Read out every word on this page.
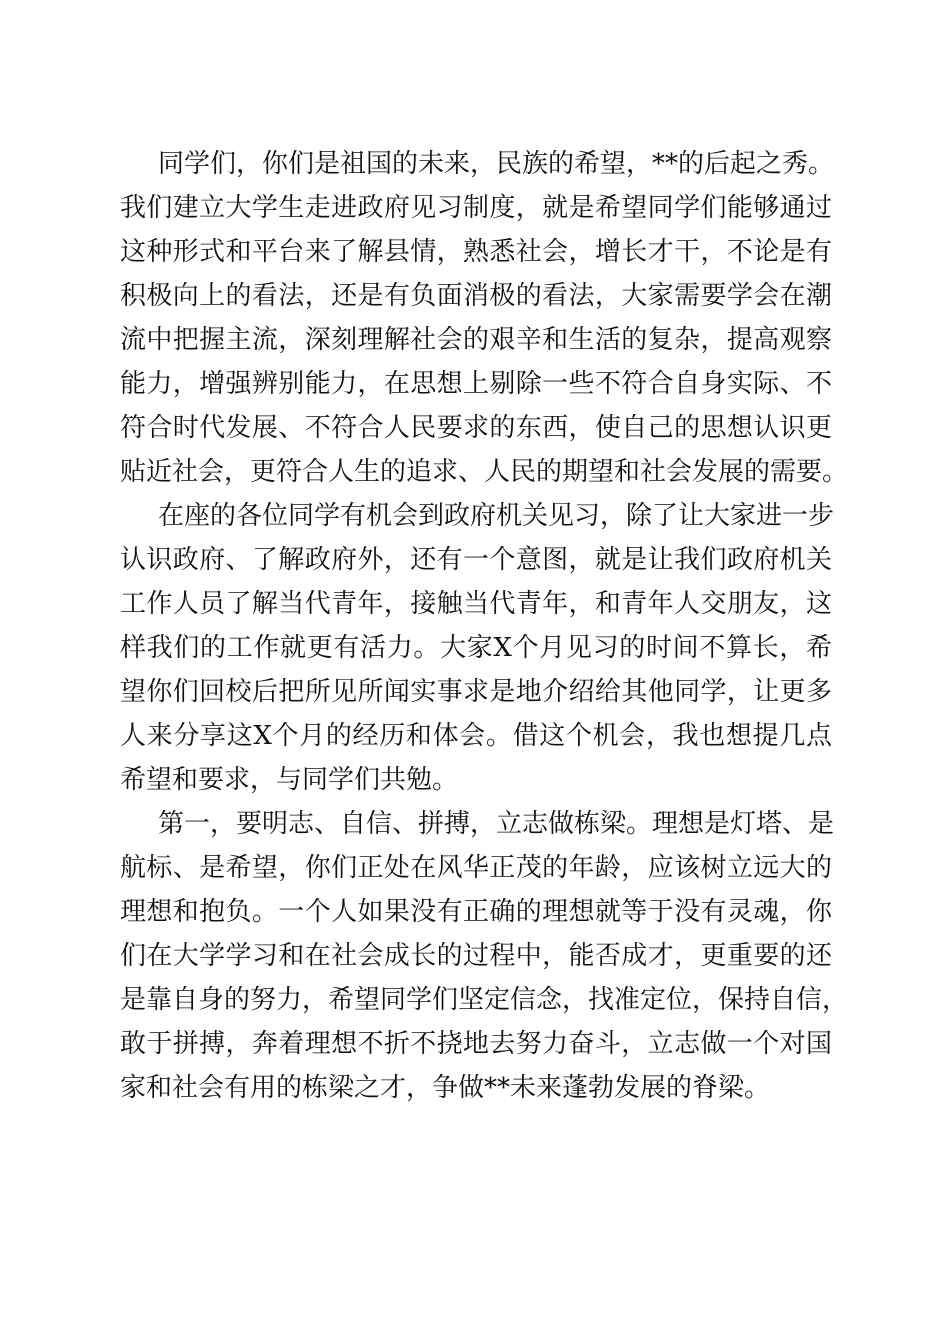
同学们，你们是祖国的未来，民族的希望，**的后起之秀。
我们建立大学生走进政府见习制度，就是希望同学们能够通过
这种形式和平台来了解县情，熟悉社会，增长才干，不论是有
积极向上的看法，还是有负面消极的看法，大家需要学会在潮
流中把握主流，深刻理解社会的艰辛和生活的复杂，提高观察
能力，增强辨别能力，在思想上剔除一些不符合自身实际、不
符合时代发展、不符合人民要求的东西，使自己的思想认识更
贴近社会，更符合人生的追求、人民的期望和社会发展的需要。
在座的各位同学有机会到政府机关见习，除了让大家进一步
认识政府、了解政府外，还有一个意图，就是让我们政府机关
工作人员了解当代青年，接触当代青年，和青年人交朋友，这
样我们的工作就更有活力。大家X个月见习的时间不算长，希
望你们回校后把所见所闻实事求是地介绍给其他同学，让更多
人来分享这X个月的经历和体会。借这个机会，我也想提几点
希望和要求，与同学们共勉。
第一，要明志、自信、拼搏，立志做栋梁。理想是灯塔、是
航标、是希望，你们正处在风华正茂的年龄，应该树立远大的
理想和抱负。一个人如果没有正确的理想就等于没有灵魂，你
们在大学学习和在社会成长的过程中，能否成才，更重要的还
是靠自身的努力，希望同学们坚定信念，找准定位，保持自信，
敢于拼搏，奔着理想不折不挠地去努力奋斗，立志做一个对国
家和社会有用的栋梁之才，争做**未来蓬勃发展的脊梁。
